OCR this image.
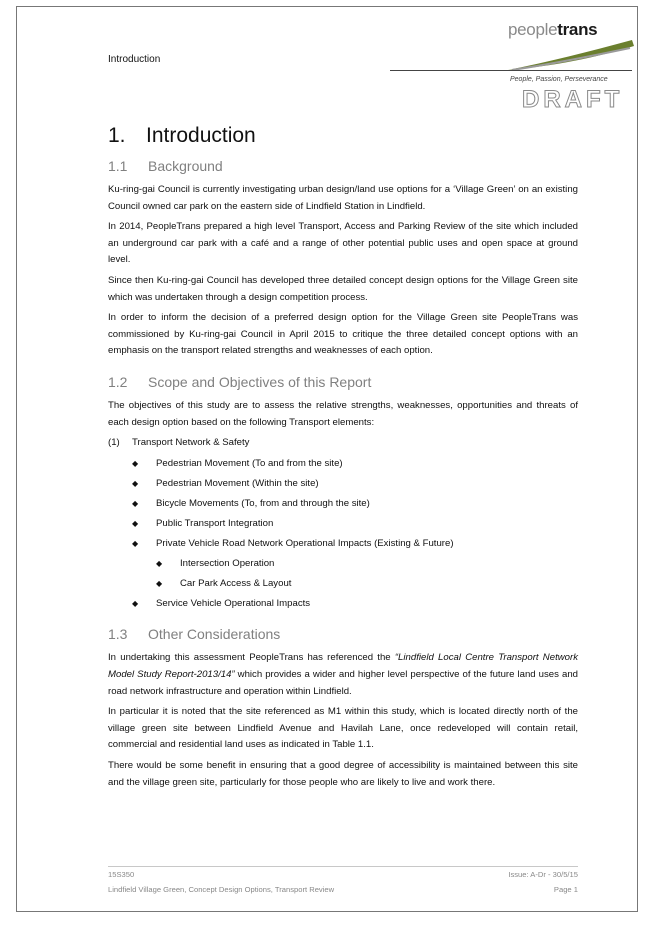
Introduction
peopletrans
People, Passion, Perseverance
DRAFT
1. Introduction
1.1	Background

Ku-ring-gai Council is currently investigating urban design/land use options for a ‘Village Green’ on an existing Council owned car park on the eastern side of Lindfield Station in Lindfield.

In 2014, PeopleTrans prepared a high level Transport, Access and Parking Review of the site which included an underground car park with a café and a range of other potential public uses and open space at ground level.

Since then Ku-ring-gai Council has developed three detailed concept design options for the Village Green site which was undertaken through a design competition process.

In order to inform the decision of a preferred design option for the Village Green site PeopleTrans was commissioned by Ku-ring-gai Council in April 2015 to critique the three detailed concept options with an emphasis on the transport related strengths and weaknesses of each option.

1.2	Scope and Objectives of this Report

The objectives of this study are to assess the relative strengths, weaknesses, opportunities and threats of each design option based on the following Transport elements:

(1)	Transport Network & Safety
◆	Pedestrian Movement (To and from the site)
◆	Pedestrian Movement (Within the site)
◆	Bicycle Movements (To, from and through the site)
◆	Public Transport Integration
◆	Private Vehicle Road Network Operational Impacts (Existing & Future)
◆	Intersection Operation
◆	Car Park Access & Layout
◆	Service Vehicle Operational Impacts
1.3	Other Considerations

In undertaking this assessment PeopleTrans has referenced the “Lindfield Local Centre Transport Network Model Study Report-2013/14” which provides a wider and higher level perspective of the future land uses and road network infrastructure and operation within Lindfield.

In particular it is noted that the site referenced as M1 within this study, which is located directly north of the village green site between Lindfield Avenue and Havilah Lane, once redeveloped will contain retail, commercial and residential land uses as indicated in Table 1.1.

There would be some benefit in ensuring that a good degree of accessibility is maintained between this site and the village green site, particularly for those people who are likely to live and work there.

15S350	Issue: A-Dr - 30/5/15
Lindfield Village Green, Concept Design Options, Transport Review	Page 1
